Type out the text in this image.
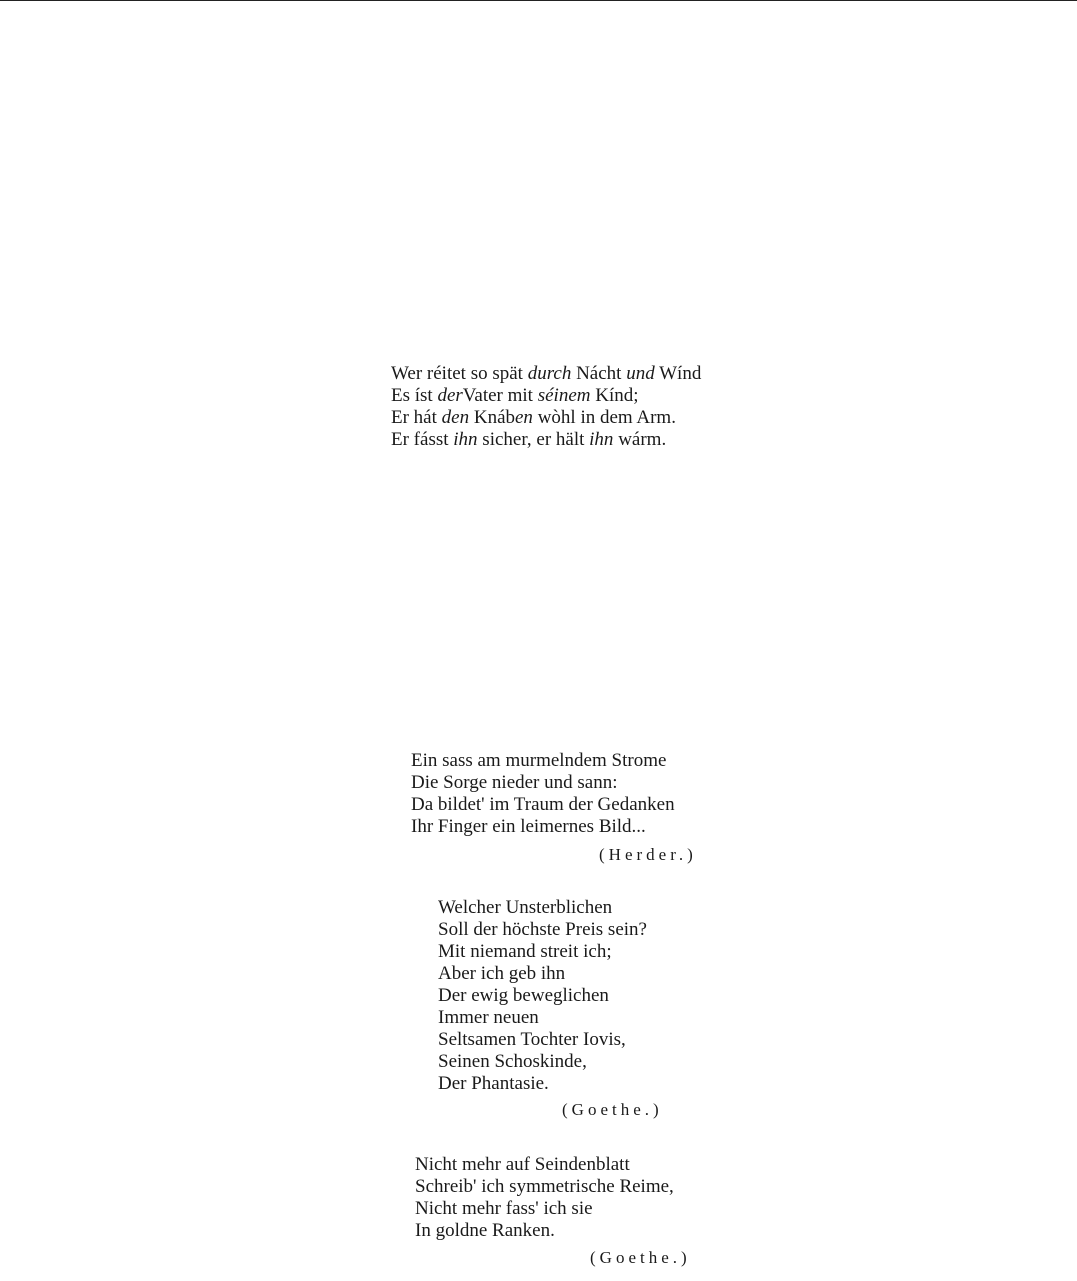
Wer réitet so spät durch Nácht und Wínd
Es íst derVater mit séinem Kínd;
Er hát den Knáben wòhl in dem Arm.
Er fásst ihn sicher, er hält ihn wárm.
Ein sass am murmelndem Strome
Die Sorge nieder und sann:
Da bildet' im Traum der Gedanken
Ihr Finger ein leimernes Bild...
(Herder.)
Welcher Unsterblichen
Soll der höchste Preis sein?
Mit niemand streit ich;
Aber ich geb ihn
Der ewig beweglichen
Immer neuen
Seltsamen Tochter Iovis,
Seinen Schoskinde,
Der Phantasie.
(Goethe.)
Nicht mehr auf Seindenblatt
Schreib' ich symmetrische Reime,
Nicht mehr fass' ich sie
In goldne Ranken.
(Goethe.)
